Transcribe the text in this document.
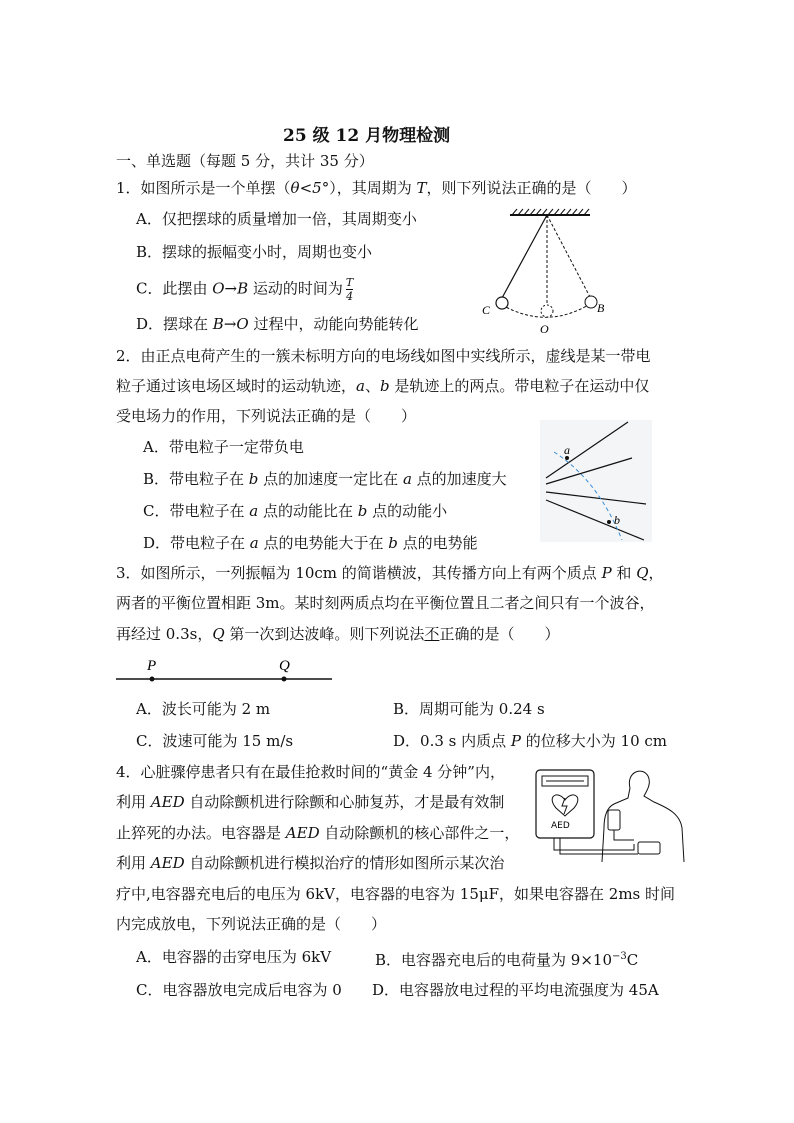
25 级 12 月物理检测
一、单选题（每题 5 分，共计 35 分）
1．如图所示是一个单摆（θ<5°），其周期为 T，则下列说法正确的是（　　）
A．仅把摆球的质量增加一倍，其周期变小
B．摆球的振幅变小时，周期也变小
C．此摆由 O→B 运动的时间为 $\frac{T}{4}$
D．摆球在 B→O 过程中，动能向势能转化
C
O
B
2．由正点电荷产生的一簇未标明方向的电场线如图中实线所示，虚线是某一带电
粒子通过该电场区域时的运动轨迹，a、b 是轨迹上的两点。带电粒子在运动中仅
受电场力的作用，下列说法正确的是（　　）
A．带电粒子一定带负电
B．带电粒子在 b 点的加速度一定比在 a 点的加速度大
C．带电粒子在 a 点的动能比在 b 点的动能小
D．带电粒子在 a 点的电势能大于在 b 点的电势能
a
b
3．如图所示，一列振幅为 10cm 的简谐横波，其传播方向上有两个质点 P 和 Q，
两者的平衡位置相距 3m。某时刻两质点均在平衡位置且二者之间只有一个波谷，
再经过 0.3s，Q 第一次到达波峰。则下列说法不正确的是（　　）
P	Q
A．波长可能为 2 m	B．周期可能为 0.24 s
C．波速可能为 15 m/s	D．0.3 s 内质点 P 的位移大小为 10 cm
4．心脏骤停患者只有在最佳抢救时间的“黄金 4 分钟”内，
利用 AED 自动除颤机进行除颤和心肺复苏，才是最有效制
止猝死的办法。电容器是 AED 自动除颤机的核心部件之一，
利用 AED 自动除颤机进行模拟治疗的情形如图所示某次治
疗中,电容器充电后的电压为 6kV，电容器的电容为 15μF，如果电容器在 2ms 时间
内完成放电，下列说法正确的是（　　）
A．电容器的击穿电压为 6kV	B．电容器充电后的电荷量为 $9\times 10^{-3}C$
C．电容器放电完成后电容为 0 D．电容器放电过程的平均电流强度为 45A
AED
